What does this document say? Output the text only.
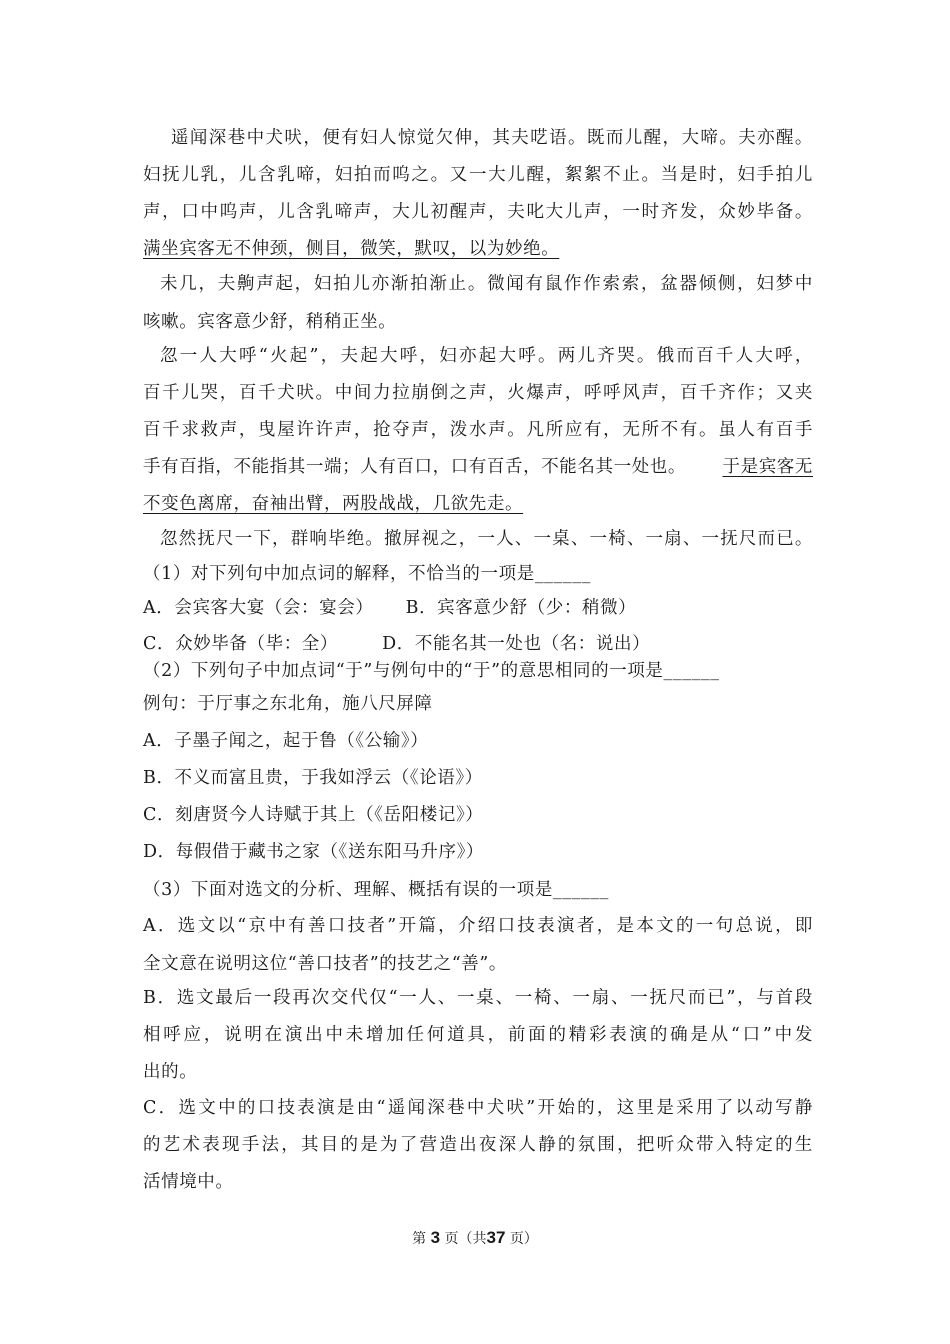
遥闻深巷中犬吠，便有妇人惊觉欠伸，其夫呓语。既而儿醒，大啼。夫亦醒。
妇抚儿乳，儿含乳啼，妇拍而呜之。又一大儿醒，絮絮不止。当是时，妇手拍儿
声，口中呜声，儿含乳啼声，大儿初醒声，夫叱大儿声，一时齐发，众妙毕备。
满坐宾客无不伸颈，侧目，微笑，默叹，以为妙绝。
未几，夫齁声起，妇拍儿亦渐拍渐止。微闻有鼠作作索索，盆器倾侧，妇梦中
咳嗽。宾客意少舒，稍稍正坐。
忽一人大呼“火起”，夫起大呼，妇亦起大呼。两儿齐哭。俄而百千人大呼，
百千儿哭，百千犬吠。中间力拉崩倒之声，火爆声，呼呼风声，百千齐作；又夹
百千求救声，曳屋许许声，抢夺声，泼水声。凡所应有，无所不有。虽人有百手
手有百指，不能指其一端；人有百口，口有百舌，不能名其一处也。 于是宾客无
不变色离席，奋袖出臂，两股战战，几欲先走。
忽然抚尺一下，群响毕绝。撤屏视之，一人、一桌、一椅、一扇、一抚尺而已。
（1）对下列句中加点词的解释，不恰当的一项是______
A．会宾客大宴（会：宴会） B．宾客意少舒（少：稍微）
C．众妙毕备（毕：全）	D．不能名其一处也（名：说出）
（2）下列句子中加点词“于”与例句中的“于”的意思相同的一项是______
例句：于厅事之东北角，施八尺屏障
A．子墨子闻之，起于鲁（《公输》）
B．不义而富且贵，于我如浮云（《论语》）
C．刻唐贤今人诗赋于其上（《岳阳楼记》）
D．每假借于藏书之家（《送东阳马升序》）
（3）下面对选文的分析、理解、概括有误的一项是______
A．选文以“京中有善口技者”开篇，介绍口技表演者，是本文的一句总说，即
全文意在说明这位“善口技者”的技艺之“善”。
B．选文最后一段再次交代仅“一人、一桌、一椅、一扇、一抚尺而已”，与首段
相呼应，说明在演出中未增加任何道具，前面的精彩表演的确是从“口”中发
出的。
C．选文中的口技表演是由“遥闻深巷中犬吠”开始的，这里是采用了以动写静
的艺术表现手法，其目的是为了营造出夜深人静的氛围，把听众带入特定的生
活情境中。
第 3 页（共37 页）
